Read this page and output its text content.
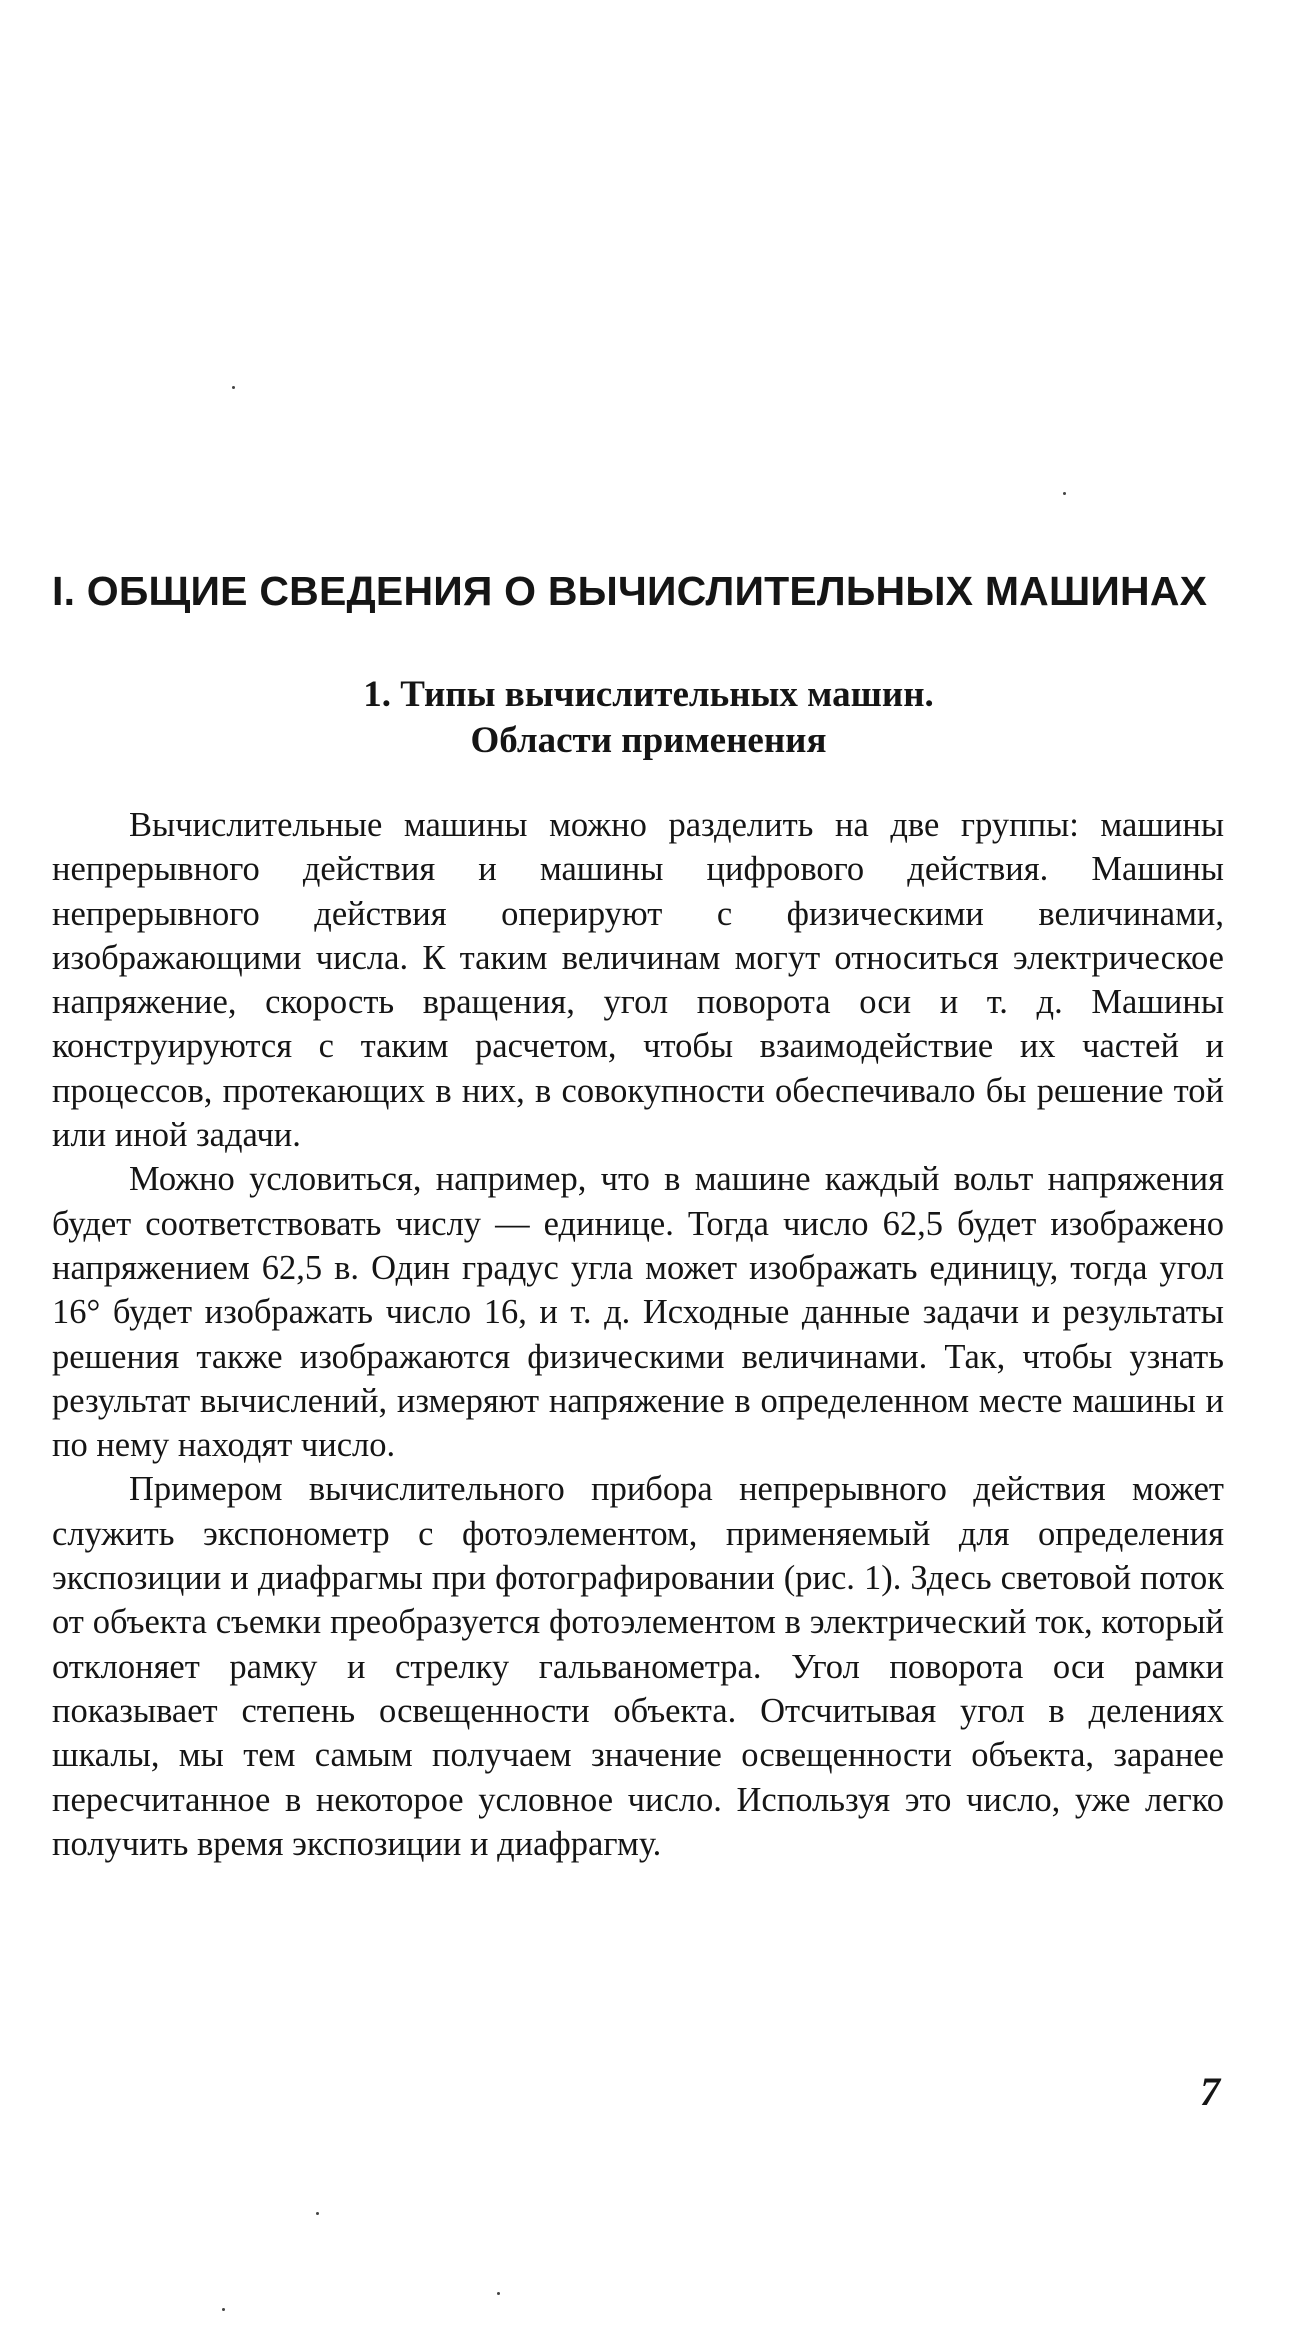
I. ОБЩИЕ СВЕДЕНИЯ О ВЫЧИСЛИТЕЛЬНЫХ МАШИНАХ
1. Типы вычислительных машин.
Области применения

Вычислительные машины можно разделить на две группы: машины непрерывного действия и машины цифрового действия. Машины непрерывного действия оперируют с физическими величинами, изображающими числа. К таким величинам могут относиться электрическое напряжение, скорость вращения, угол поворота оси и т. д. Машины конструируются с таким расчетом, чтобы взаимодействие их частей и процессов, протекающих в них, в совокупности обеспечивало бы решение той или иной задачи.

Можно условиться, например, что в машине каждый вольт напряжения будет соответствовать числу — единице. Тогда число 62,5 будет изображено напряжением 62,5 в. Один градус угла может изображать единицу, тогда угол 16° будет изображать число 16, и т. д. Исходные данные задачи и результаты решения также изображаются физическими величинами. Так, чтобы узнать результат вычислений, измеряют напряжение в определенном месте машины и по нему находят число.

Примером вычислительного прибора непрерывного действия может служить экспонометр с фотоэлементом, применяемый для определения экспозиции и диафрагмы при фотографировании (рис. 1). Здесь световой поток от объекта съемки преобразуется фотоэлементом в электрический ток, который отклоняет рамку и стрелку гальванометра. Угол поворота оси рамки показывает степень освещенности объекта. Отсчитывая угол в делениях шкалы, мы тем самым получаем значение освещенности объекта, заранее пересчитанное в некоторое условное число. Используя это число, уже легко получить время экспозиции и диафрагму.

7
